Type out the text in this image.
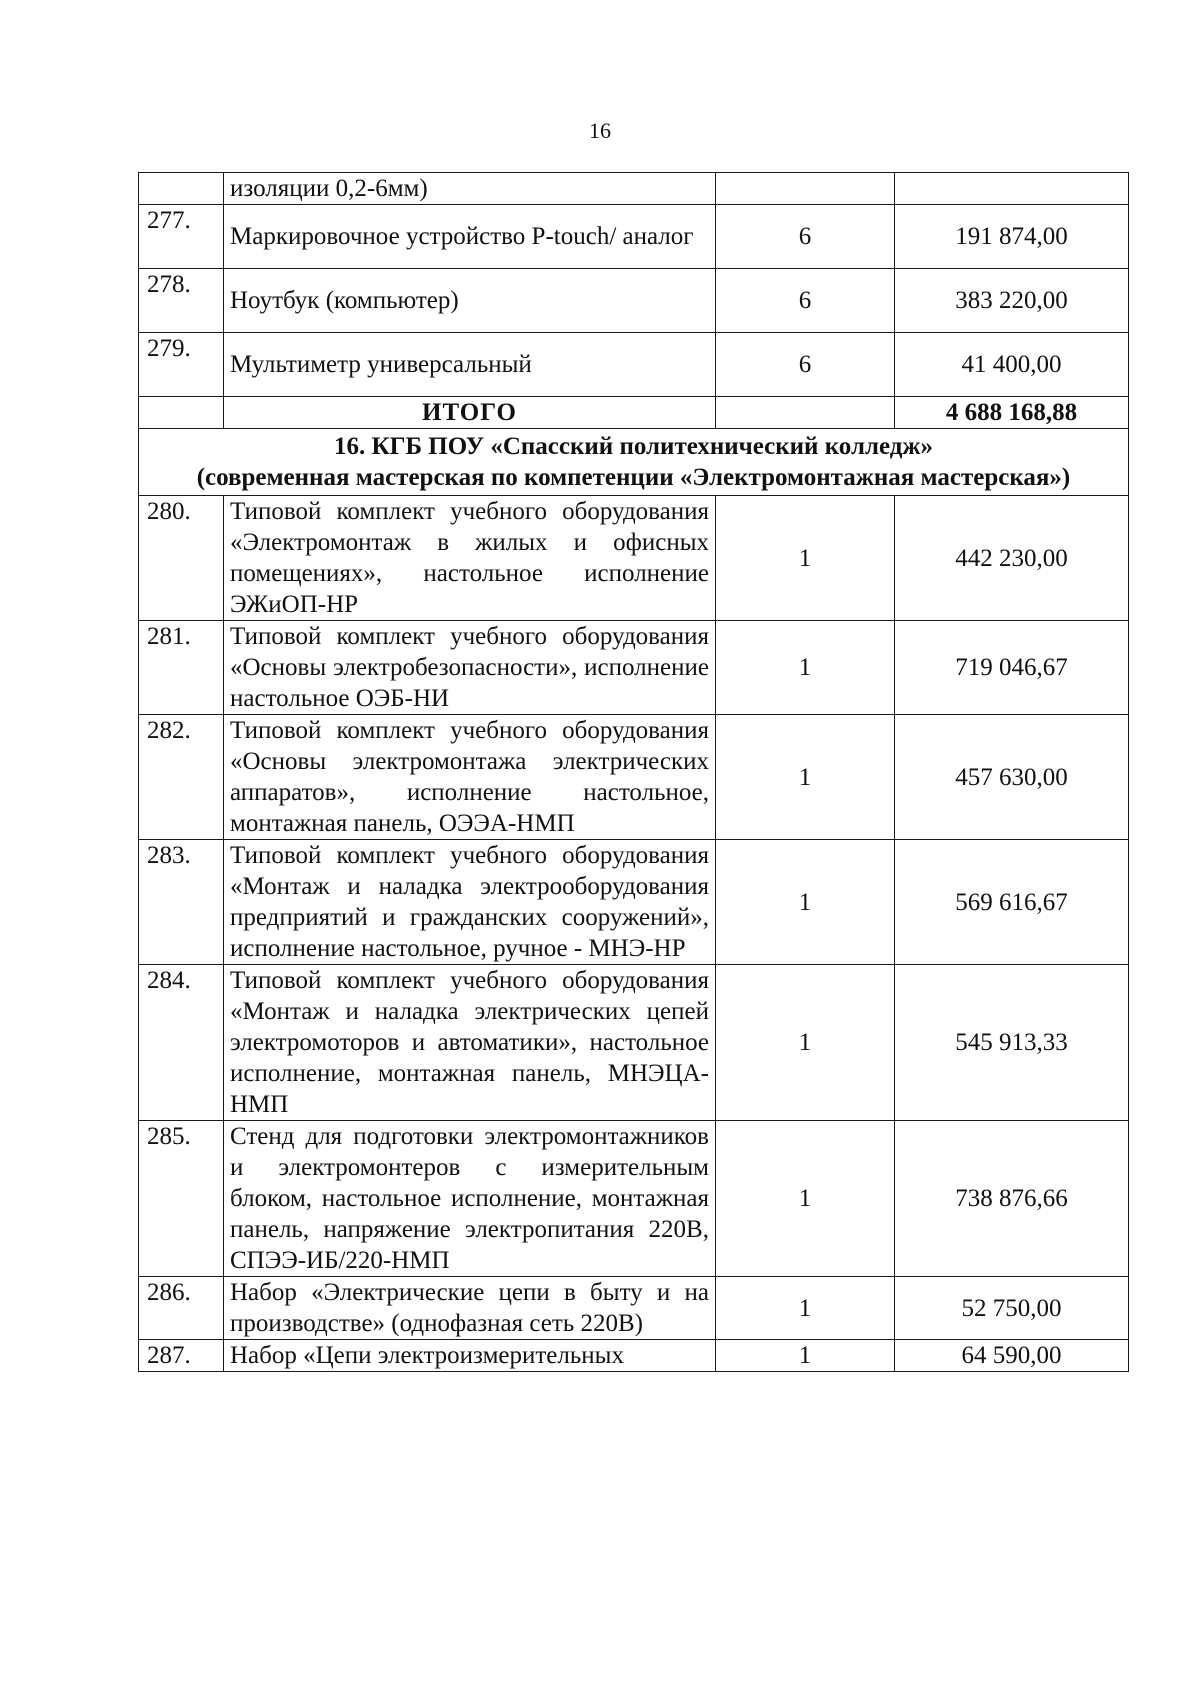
16
	изоляции 0,2-6мм)		
277.	Маркировочное устройство P-touch/ аналог	6	191 874,00
278.	Ноутбук (компьютер)	6	383 220,00
279.	Мультиметр универсальный	6	41 400,00
	ИТОГО		4 688 168,88

16. КГБ ПОУ «Спасский политехнический колледж»
(современная мастерская по компетенции «Электромонтажная мастерская»)			

280.	Типовой комплект учебного оборудования «Электромонтаж в жилых и офисных помещениях», настольное исполнение ЭЖиОП-НР	1	442 230,00
281.	Типовой комплект учебного оборудования «Основы электробезопасности», исполнение настольное ОЭБ-НИ	1	719 046,67
282.	Типовой комплект учебного оборудования «Основы электромонтажа электрических аппаратов», исполнение настольное, монтажная панель, ОЭЭА-НМП	1	457 630,00
283.	Типовой комплект учебного оборудования «Монтаж и наладка электрооборудования предприятий и гражданских сооружений», исполнение настольное, ручное - МНЭ-НР	1	569 616,67
284.	Типовой комплект учебного оборудования «Монтаж и наладка электрических цепей электромоторов и автоматики», настольное исполнение, монтажная панель, МНЭЦА-НМП	1	545 913,33
285.	Стенд для подготовки электромонтажников и электромонтеров с измерительным блоком, настольное исполнение, монтажная панель, напряжение электропитания 220В, СПЭЭ-ИБ/220-НМП	1	738 876,66
286.	Набор «Электрические цепи в быту и на производстве» (однофазная сеть 220В)	1	52 750,00
287.	Набор «Цепи электроизмерительных	1	64 590,00
